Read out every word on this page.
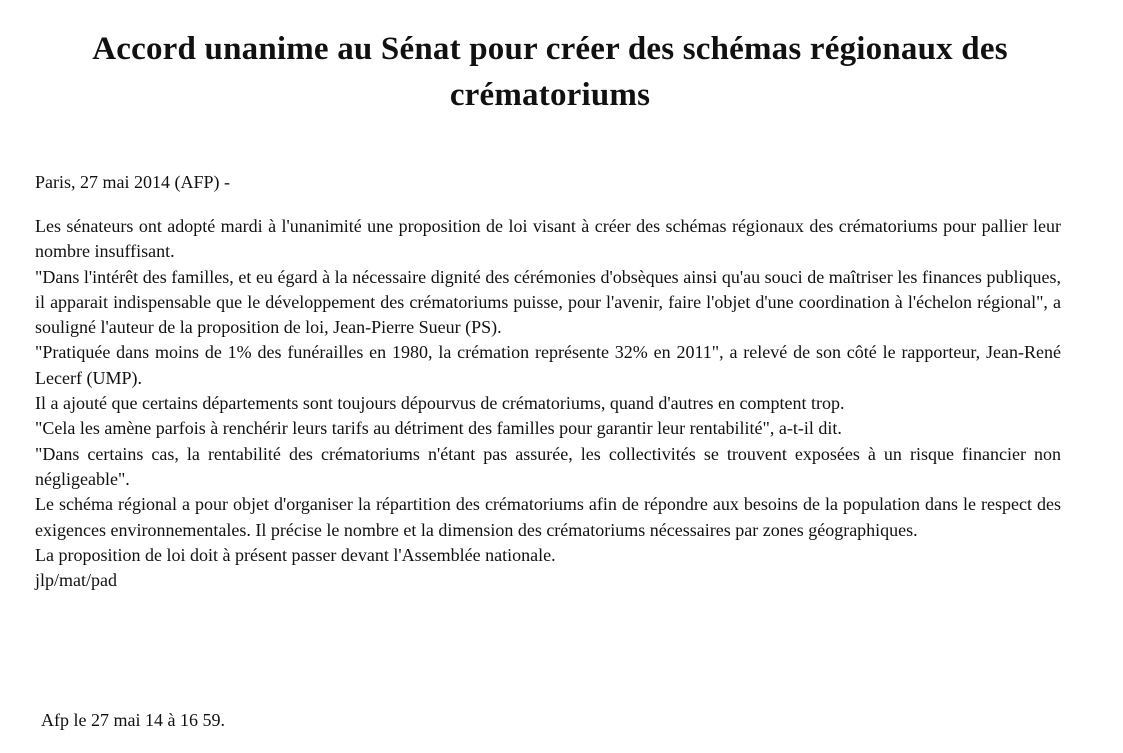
Accord unanime au Sénat pour créer des schémas régionaux des crématoriums

Paris, 27 mai 2014 (AFP) -

Les sénateurs ont adopté mardi à l'unanimité une proposition de loi visant à créer des schémas régionaux des crématoriums pour pallier leur nombre insuffisant.

"Dans l'intérêt des familles, et eu égard à la nécessaire dignité des cérémonies d'obsèques ainsi qu'au souci de maîtriser les finances publiques, il apparait indispensable que le développement des crématoriums puisse, pour l'avenir, faire l'objet d'une coordination à l'échelon régional", a souligné l'auteur de la proposition de loi, Jean-Pierre Sueur (PS).

"Pratiquée dans moins de 1% des funérailles en 1980, la crémation représente 32% en 2011", a relevé de son côté le rapporteur, Jean-René Lecerf (UMP).

Il a ajouté que certains départements sont toujours dépourvus de crématoriums, quand d'autres en comptent trop.

"Cela les amène parfois à renchérir leurs tarifs au détriment des familles pour garantir leur rentabilité", a-t-il dit.

"Dans certains cas, la rentabilité des crématoriums n'étant pas assurée, les collectivités se trouvent exposées à un risque financier non négligeable".

Le schéma régional a pour objet d'organiser la répartition des crématoriums afin de répondre aux besoins de la population dans le respect des exigences environnementales. Il précise le nombre et la dimension des crématoriums nécessaires par zones géographiques.

La proposition de loi doit à présent passer devant l'Assemblée nationale.

jlp/mat/pad

Afp le 27 mai 14 à 16 59.
